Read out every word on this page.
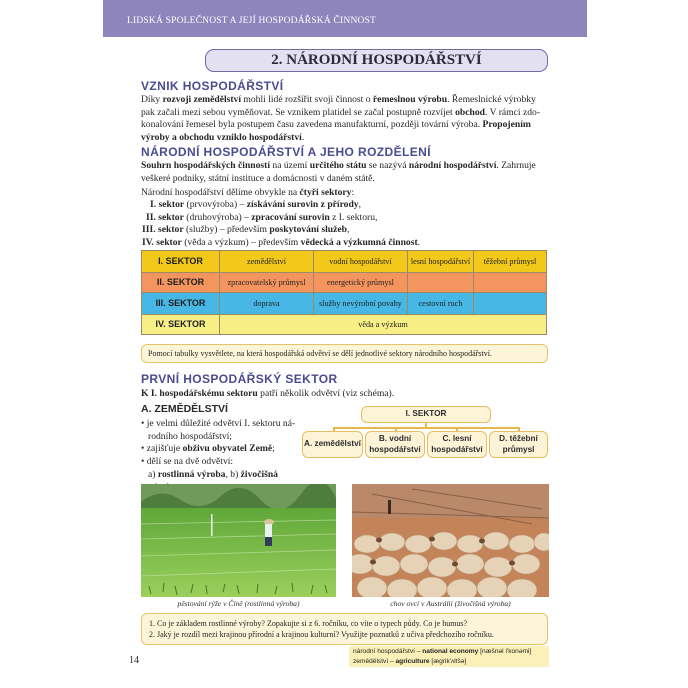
LIDSKÁ SPOLEČNOST A JEJÍ HOSPODÁŘSKÁ ČINNOST
2. NÁRODNÍ HOSPODÁŘSTVÍ
VZNIK HOSPODÁŘSTVÍ
Díky rozvoji zemědělství mohli lidé rozšířit svoji činnost o řemeslnou výrobu. Řemeslnické výrobky
pak začali mezi sebou vyměňovat. Se vznikem platidel se začal postupně rozvíjet obchod. V rámci zdo-
konalování řemesel byla postupem času zavedena manufakturní, později tovární výroba. Propojením
výroby a obchodu vzniklo hospodářství.
NÁRODNÍ HOSPODÁŘSTVÍ A JEHO ROZDĚLENÍ
Souhrn hospodářských činností na území určitého státu se nazývá národní hospodářství. Zahrnuje
veškeré podniky, státní instituce a domácnosti v daném státě.
Národní hospodářství dělíme obvykle na čtyři sektory:
I. sektor (prvovýroba) – získávání surovin z přírody,
II. sektor (druhovýroba) – zpracování surovin z I. sektoru,
III. sektor (služby) – především poskytování služeb,
IV. sektor (věda a výzkum) – především vědecká a výzkumná činnost.
I. SEKTOR	zemědělství	vodní hospodářství	lesní hospodářství	těžební průmysl
II. SEKTOR	zpracovatelský průmysl	energetický průmysl		
III. SEKTOR	doprava	služby nevýrobní povahy	cestovní ruch	
IV. SEKTOR	věda a výzkum			
Pomocí tabulky vysvětlete, na která hospodářská odvětví se dělí jednotlivé sektory národního hospodářství.
PRVNÍ HOSPODÁŘSKÝ SEKTOR
K I. hospodářskému sektoru patří několik odvětví (viz schéma).
A. ZEMĚDĚLSTVÍ
• je velmi důležité odvětví I. sektoru ná-
rodního hospodářství;
• zajišťuje obživu obyvatel Země;
• dělí se na dvě odvětví:
a) rostlinná výroba, b) živočišná
I. SEKTOR
A. zemědělství
B. vodní
hospodářství
C. lesní
hospodářství
D. těžební
průmysl
pěstování rýže v Číně (rostlinná výroba)	chov ovcí v Austrálii (živočišná výroba)
1. Co je základem rostlinné výroby? Zopakujte si z 6. ročníku, co víte o typech půdy. Co je humus?
2. Jaký je rozdíl mezi krajinou přírodní a krajinou kulturní? Využijte poznatků z učiva předchozího ročníku.
14
národní hospodářství – national economy [næšnəl i'konəmi]
zemědělství – agriculture [ægrik'ʌltšə]
